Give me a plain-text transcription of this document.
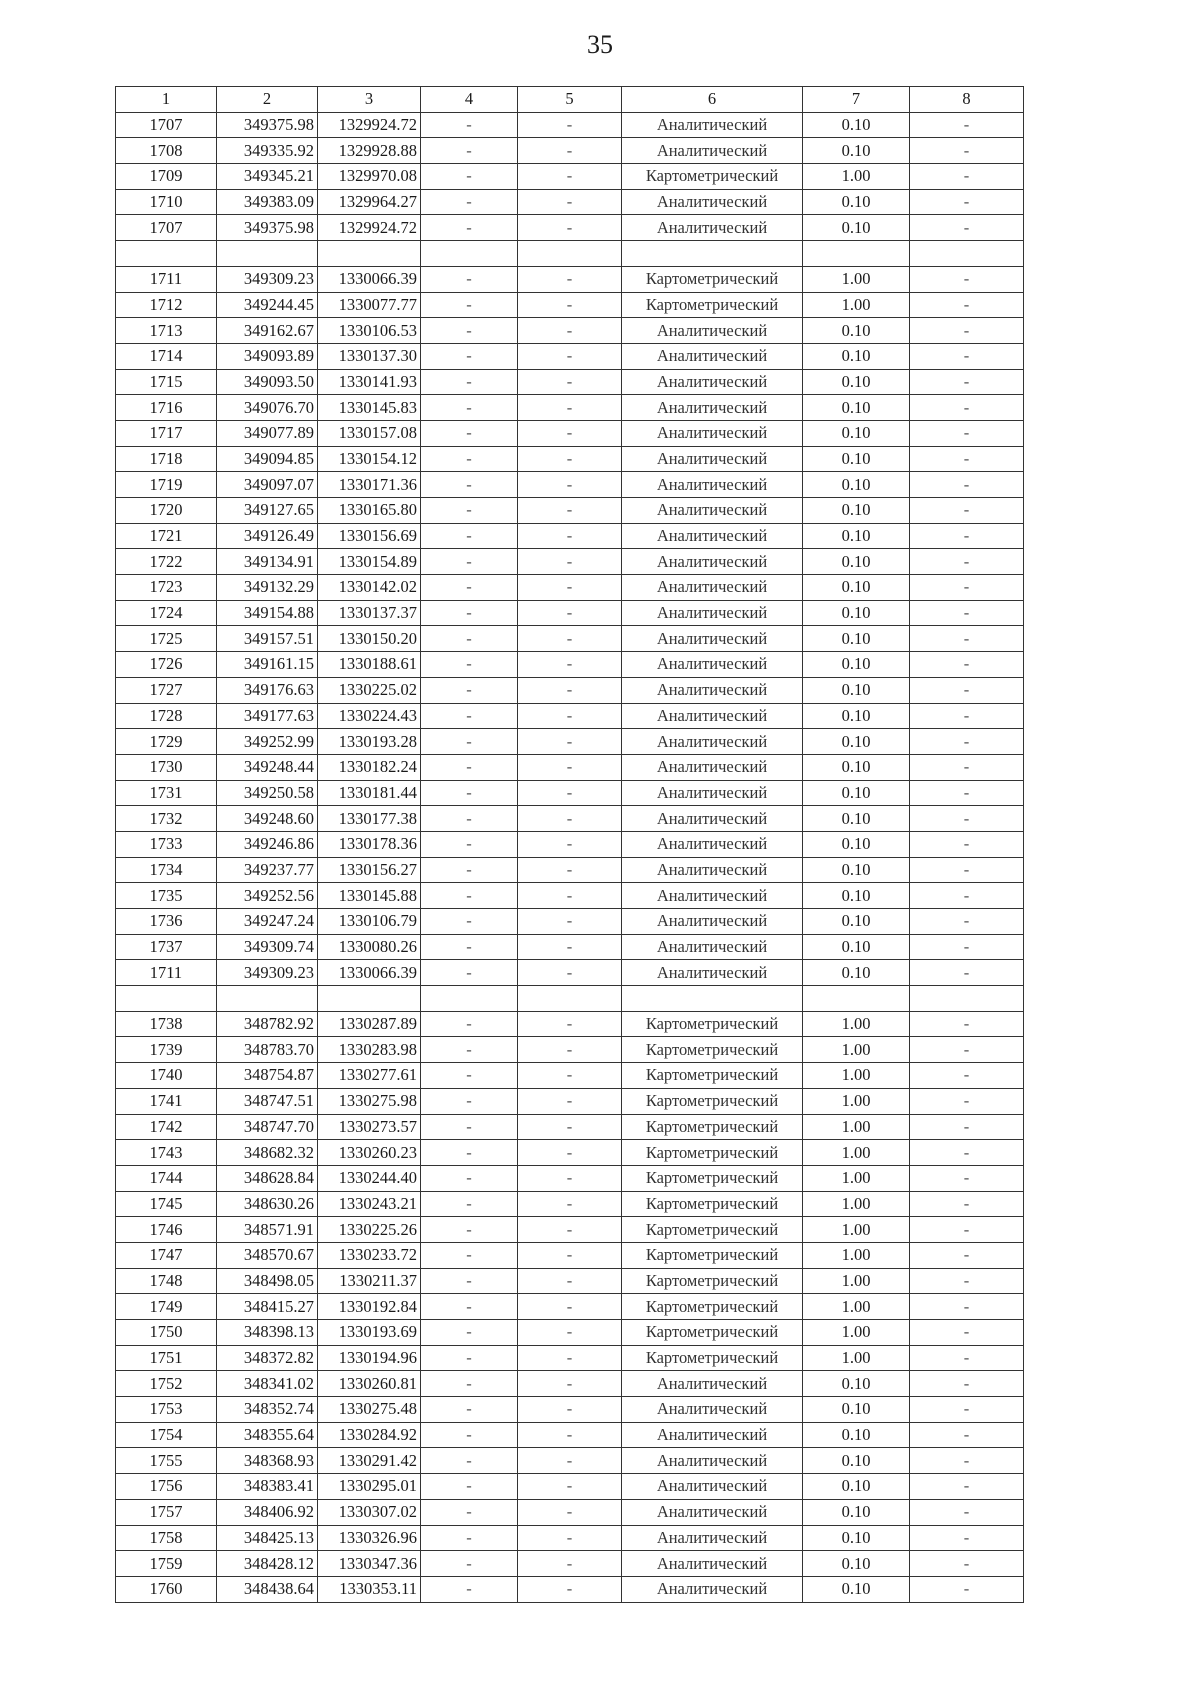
35
1	2	3	4	5	6	7	8
1707	349375.98	1329924.72	-	-	Аналитический	0.10	-
1708	349335.92	1329928.88	-	-	Аналитический	0.10	-
1709	349345.21	1329970.08	-	-	Картометрический	1.00	-
1710	349383.09	1329964.27	-	-	Аналитический	0.10	-
1707	349375.98	1329924.72	-	-	Аналитический	0.10	-

1711	349309.23	1330066.39	-	-	Картометрический	1.00	-
1712	349244.45	1330077.77	-	-	Картометрический	1.00	-
1713	349162.67	1330106.53	-	-	Аналитический	0.10	-
1714	349093.89	1330137.30	-	-	Аналитический	0.10	-
1715	349093.50	1330141.93	-	-	Аналитический	0.10	-
1716	349076.70	1330145.83	-	-	Аналитический	0.10	-
1717	349077.89	1330157.08	-	-	Аналитический	0.10	-
1718	349094.85	1330154.12	-	-	Аналитический	0.10	-
1719	349097.07	1330171.36	-	-	Аналитический	0.10	-
1720	349127.65	1330165.80	-	-	Аналитический	0.10	-
1721	349126.49	1330156.69	-	-	Аналитический	0.10	-
1722	349134.91	1330154.89	-	-	Аналитический	0.10	-
1723	349132.29	1330142.02	-	-	Аналитический	0.10	-
1724	349154.88	1330137.37	-	-	Аналитический	0.10	-
1725	349157.51	1330150.20	-	-	Аналитический	0.10	-
1726	349161.15	1330188.61	-	-	Аналитический	0.10	-
1727	349176.63	1330225.02	-	-	Аналитический	0.10	-
1728	349177.63	1330224.43	-	-	Аналитический	0.10	-
1729	349252.99	1330193.28	-	-	Аналитический	0.10	-
1730	349248.44	1330182.24	-	-	Аналитический	0.10	-
1731	349250.58	1330181.44	-	-	Аналитический	0.10	-
1732	349248.60	1330177.38	-	-	Аналитический	0.10	-
1733	349246.86	1330178.36	-	-	Аналитический	0.10	-
1734	349237.77	1330156.27	-	-	Аналитический	0.10	-
1735	349252.56	1330145.88	-	-	Аналитический	0.10	-
1736	349247.24	1330106.79	-	-	Аналитический	0.10	-
1737	349309.74	1330080.26	-	-	Аналитический	0.10	-
1711	349309.23	1330066.39	-	-	Аналитический	0.10	-

1738	348782.92	1330287.89	-	-	Картометрический	1.00	-
1739	348783.70	1330283.98	-	-	Картометрический	1.00	-
1740	348754.87	1330277.61	-	-	Картометрический	1.00	-
1741	348747.51	1330275.98	-	-	Картометрический	1.00	-
1742	348747.70	1330273.57	-	-	Картометрический	1.00	-
1743	348682.32	1330260.23	-	-	Картометрический	1.00	-
1744	348628.84	1330244.40	-	-	Картометрический	1.00	-
1745	348630.26	1330243.21	-	-	Картометрический	1.00	-
1746	348571.91	1330225.26	-	-	Картометрический	1.00	-
1747	348570.67	1330233.72	-	-	Картометрический	1.00	-
1748	348498.05	1330211.37	-	-	Картометрический	1.00	-
1749	348415.27	1330192.84	-	-	Картометрический	1.00	-
1750	348398.13	1330193.69	-	-	Картометрический	1.00	-
1751	348372.82	1330194.96	-	-	Картометрический	1.00	-
1752	348341.02	1330260.81	-	-	Аналитический	0.10	-
1753	348352.74	1330275.48	-	-	Аналитический	0.10	-
1754	348355.64	1330284.92	-	-	Аналитический	0.10	-
1755	348368.93	1330291.42	-	-	Аналитический	0.10	-
1756	348383.41	1330295.01	-	-	Аналитический	0.10	-
1757	348406.92	1330307.02	-	-	Аналитический	0.10	-
1758	348425.13	1330326.96	-	-	Аналитический	0.10	-
1759	348428.12	1330347.36	-	-	Аналитический	0.10	-
1760	348438.64	1330353.11	-	-	Аналитический	0.10	-
